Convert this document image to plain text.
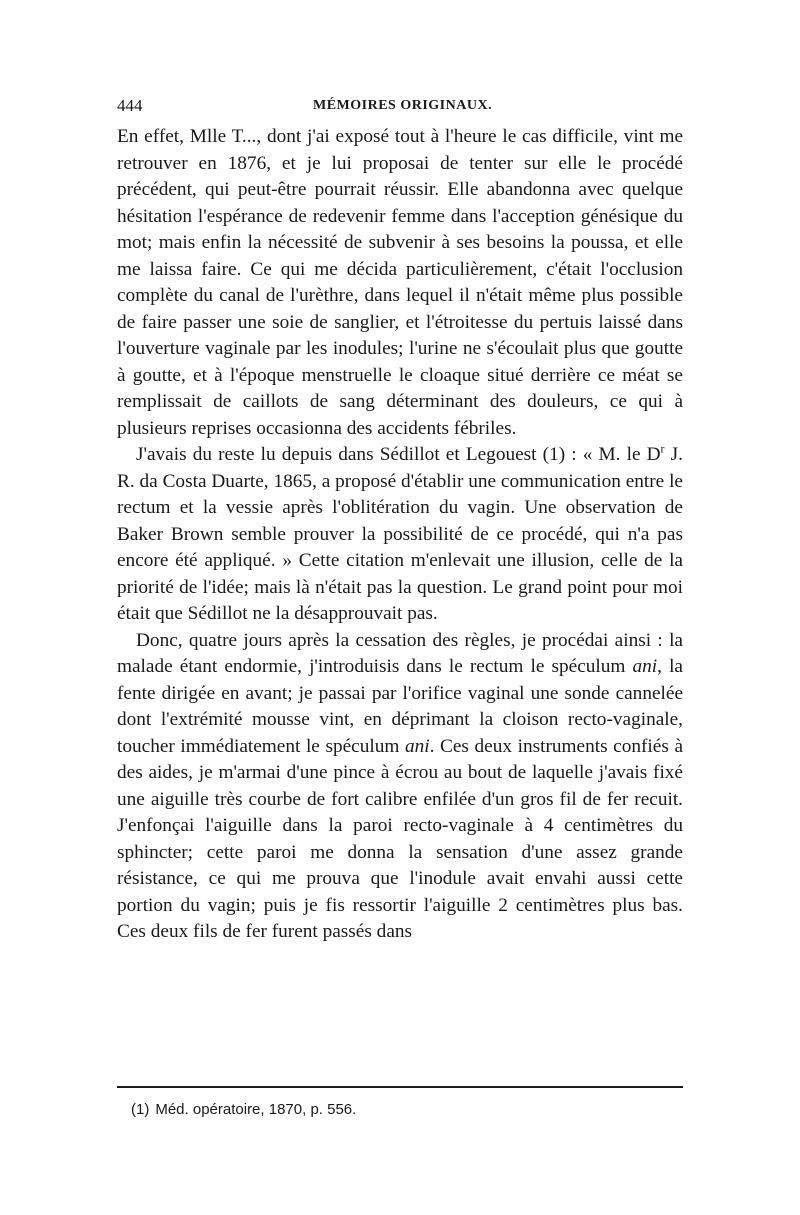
444	MÉMOIRES ORIGINAUX.

En effet, Mlle T..., dont j'ai exposé tout à l'heure le cas difficile, vint me retrouver en 1876, et je lui proposai de tenter sur elle le procédé précédent, qui peut-être pourrait réussir. Elle abandonna avec quelque hésitation l'espérance de redevenir femme dans l'acception génésique du mot; mais enfin la nécessité de subvenir à ses besoins la poussa, et elle me laissa faire. Ce qui me décida particulièrement, c'était l'occlusion complète du canal de l'urèthre, dans lequel il n'était même plus possible de faire passer une soie de sanglier, et l'étroitesse du pertuis laissé dans l'ouverture vaginale par les inodules; l'urine ne s'écoulait plus que goutte à goutte, et à l'époque menstruelle le cloaque situé derrière ce méat se remplissait de caillots de sang déterminant des douleurs, ce qui à plusieurs reprises occasionna des accidents fébriles.

J'avais du reste lu depuis dans Sédillot et Legouest (1) : « M. le $D^r$ J. R. da Costa Duarte, 1865, a proposé d'établir une communication entre le rectum et la vessie après l'oblitération du vagin. Une observation de Baker Brown semble prouver la possibilité de ce procédé, qui n'a pas encore été appliqué. » Cette citation m'enlevait une illusion, celle de la priorité de l'idée; mais là n'était pas la question. Le grand point pour moi était que Sédillot ne la désapprouvait pas.

Donc, quatre jours après la cessation des règles, je procédai ainsi : la malade étant endormie, j'introduisis dans le rectum le spéculum ani, la fente dirigée en avant; je passai par l'orifice vaginal une sonde cannelée dont l'extrémité mousse vint, en déprimant la cloison recto-vaginale, toucher immédiatement le spéculum ani. Ces deux instruments confiés à des aides, je m'armai d'une pince à écrou au bout de laquelle j'avais fixé une aiguille très courbe de fort calibre enfilée d'un gros fil de fer recuit. J'enfonçai l'aiguille dans la paroi recto-vaginale à 4 centimètres du sphincter; cette paroi me donna la sensation d'une assez grande résistance, ce qui me prouva que l'inodule avait envahi aussi cette portion du vagin; puis je fis ressortir l'aiguille 2 centimètres plus bas. Ces deux fils de fer furent passés dans

(1) Méd. opératoire, 1870, p. 556.
